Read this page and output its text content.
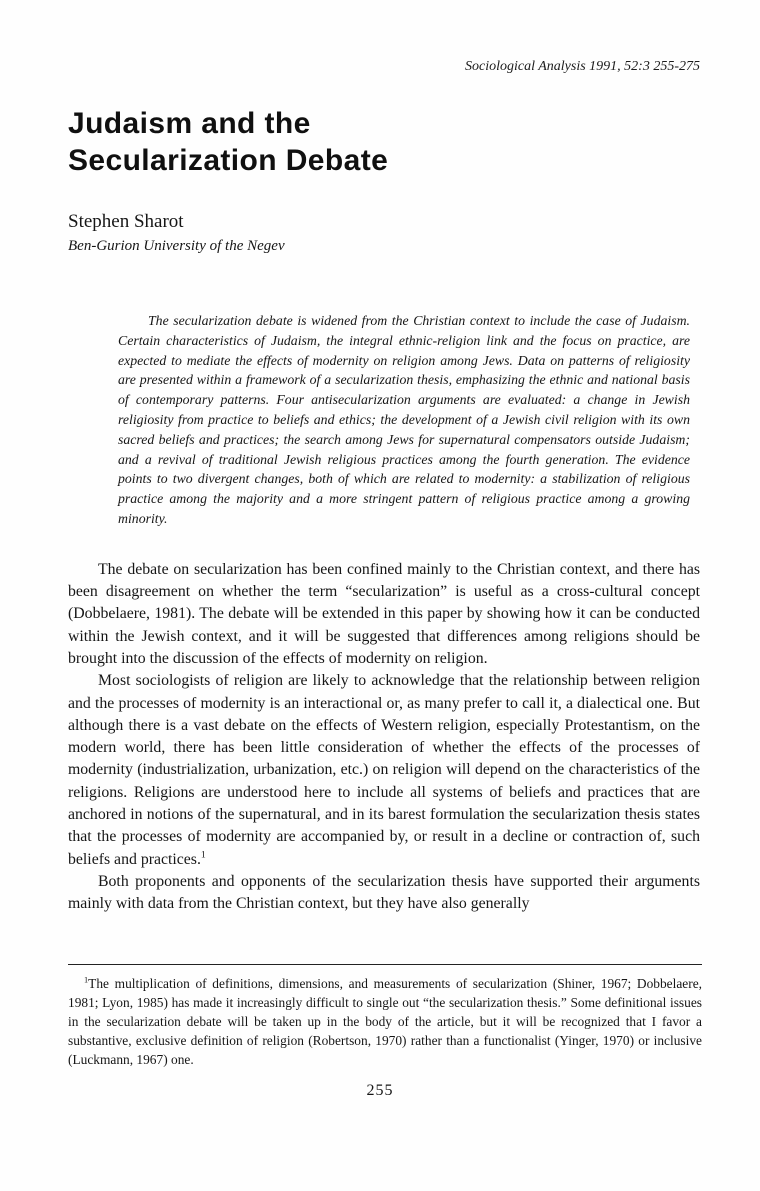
Sociological Analysis 1991, 52:3 255-275
Judaism and the
Secularization Debate
Stephen Sharot
Ben-Gurion University of the Negev
The secularization debate is widened from the Christian context to include the case of Judaism. Certain characteristics of Judaism, the integral ethnic-religion link and the focus on practice, are expected to mediate the effects of modernity on religion among Jews. Data on patterns of religiosity are presented within a framework of a secularization thesis, emphasizing the ethnic and national basis of contemporary patterns. Four antisecularization arguments are evaluated: a change in Jewish religiosity from practice to beliefs and ethics; the development of a Jewish civil religion with its own sacred beliefs and practices; the search among Jews for supernatural compensators outside Judaism; and a revival of traditional Jewish religious practices among the fourth generation. The evidence points to two divergent changes, both of which are related to modernity: a stabilization of religious practice among the majority and a more stringent pattern of religious practice among a growing minority.

The debate on secularization has been confined mainly to the Christian context, and there has been disagreement on whether the term “secularization” is useful as a cross-cultural concept (Dobbelaere, 1981). The debate will be extended in this paper by showing how it can be conducted within the Jewish context, and it will be suggested that differences among religions should be brought into the discussion of the effects of modernity on religion.

Most sociologists of religion are likely to acknowledge that the relationship between religion and the processes of modernity is an interactional or, as many prefer to call it, a dialectical one. But although there is a vast debate on the effects of Western religion, especially Protestantism, on the modern world, there has been little consideration of whether the effects of the processes of modernity (industrialization, urbanization, etc.) on religion will depend on the characteristics of the religions. Religions are understood here to include all systems of beliefs and practices that are anchored in notions of the supernatural, and in its barest formulation the secularization thesis states that the processes of modernity are accompanied by, or result in a decline or contraction of, such beliefs and practices.$^1$

Both proponents and opponents of the secularization thesis have supported their arguments mainly with data from the Christian context, but they have also generally

$^1$The multiplication of definitions, dimensions, and measurements of secularization (Shiner, 1967; Dobbelaere, 1981; Lyon, 1985) has made it increasingly difficult to single out “the secularization thesis.” Some definitional issues in the secularization debate will be taken up in the body of the article, but it will be recognized that I favor a substantive, exclusive definition of religion (Robertson, 1970) rather than a functionalist (Yinger, 1970) or inclusive (Luckmann, 1967) one.

255
